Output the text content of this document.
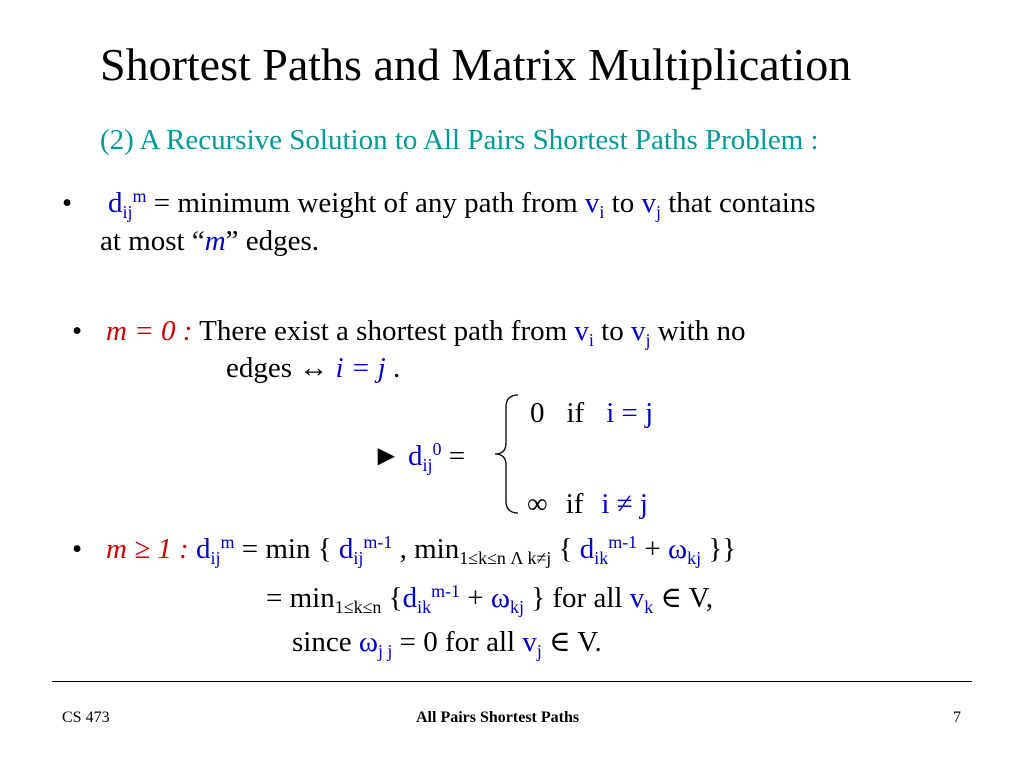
Shortest Paths and Matrix Multiplication
(2) A Recursive Solution to All Pairs Shortest Paths Problem :
• $d_{ij}^m$ = minimum weight of any path from $v_i$ to $v_j$ that contains
at most “m” edges.
• m = 0 : There exist a shortest path from $v_i$ to $v_j$ with no
edges ↔ i = j .
► $d_{ij}^0$ =
0 if i = j
∞ if i ≠ j
• m ≥ 1 : $d_{ij}^m = \min$ { $d_{ij}^{m-1}$ , $\min_{1\le k\le n \Lambda k\ne j}$ { $d_{ik}^{m-1} + \omega_{kj}$ }}
= $\min_{1\le k\le n} \{d_{ik}^{m-1} + \omega_{kj}$ } for all $v_k$ ∈ V,
since $\omega_{j j} = 0$ for all $v_j$ ∈ V.
CS 473	All Pairs Shortest Paths	7
